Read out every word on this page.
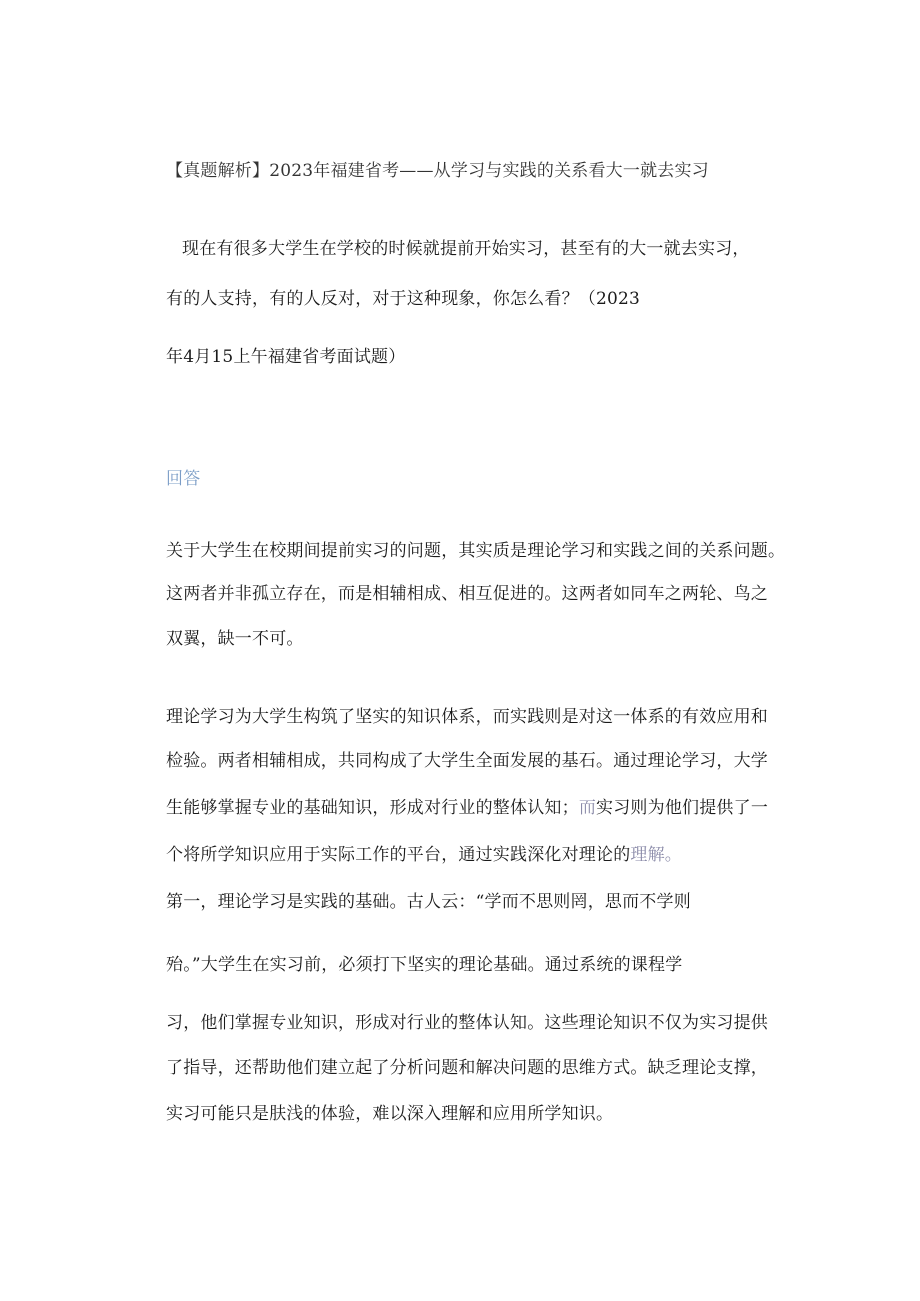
【真题解析】2023年福建省考——从学习与实践的关系看大一就去实习
现在有很多大学生在学校的时候就提前开始实习，甚至有的大一就去实习，
有的人支持，有的人反对，对于这种现象，你怎么看？（2023
年4月15上午福建省考面试题）
回答
关于大学生在校期间提前实习的问题，其实质是理论学习和实践之间的关系问题。
这两者并非孤立存在，而是相辅相成、相互促进的。这两者如同车之两轮、鸟之
双翼，缺一不可。
理论学习为大学生构筑了坚实的知识体系，而实践则是对这一体系的有效应用和
检验。两者相辅相成，共同构成了大学生全面发展的基石。通过理论学习，大学
生能够掌握专业的基础知识，形成对行业的整体认知；而实习则为他们提供了一
个将所学知识应用于实际工作的平台，通过实践深化对理论的理解。
第一，理论学习是实践的基础。古人云：“学而不思则罔，思而不学则
殆。”大学生在实习前，必须打下坚实的理论基础。通过系统的课程学
习，他们掌握专业知识，形成对行业的整体认知。这些理论知识不仅为实习提供
了指导，还帮助他们建立起了分析问题和解决问题的思维方式。缺乏理论支撑，
实习可能只是肤浅的体验，难以深入理解和应用所学知识。
